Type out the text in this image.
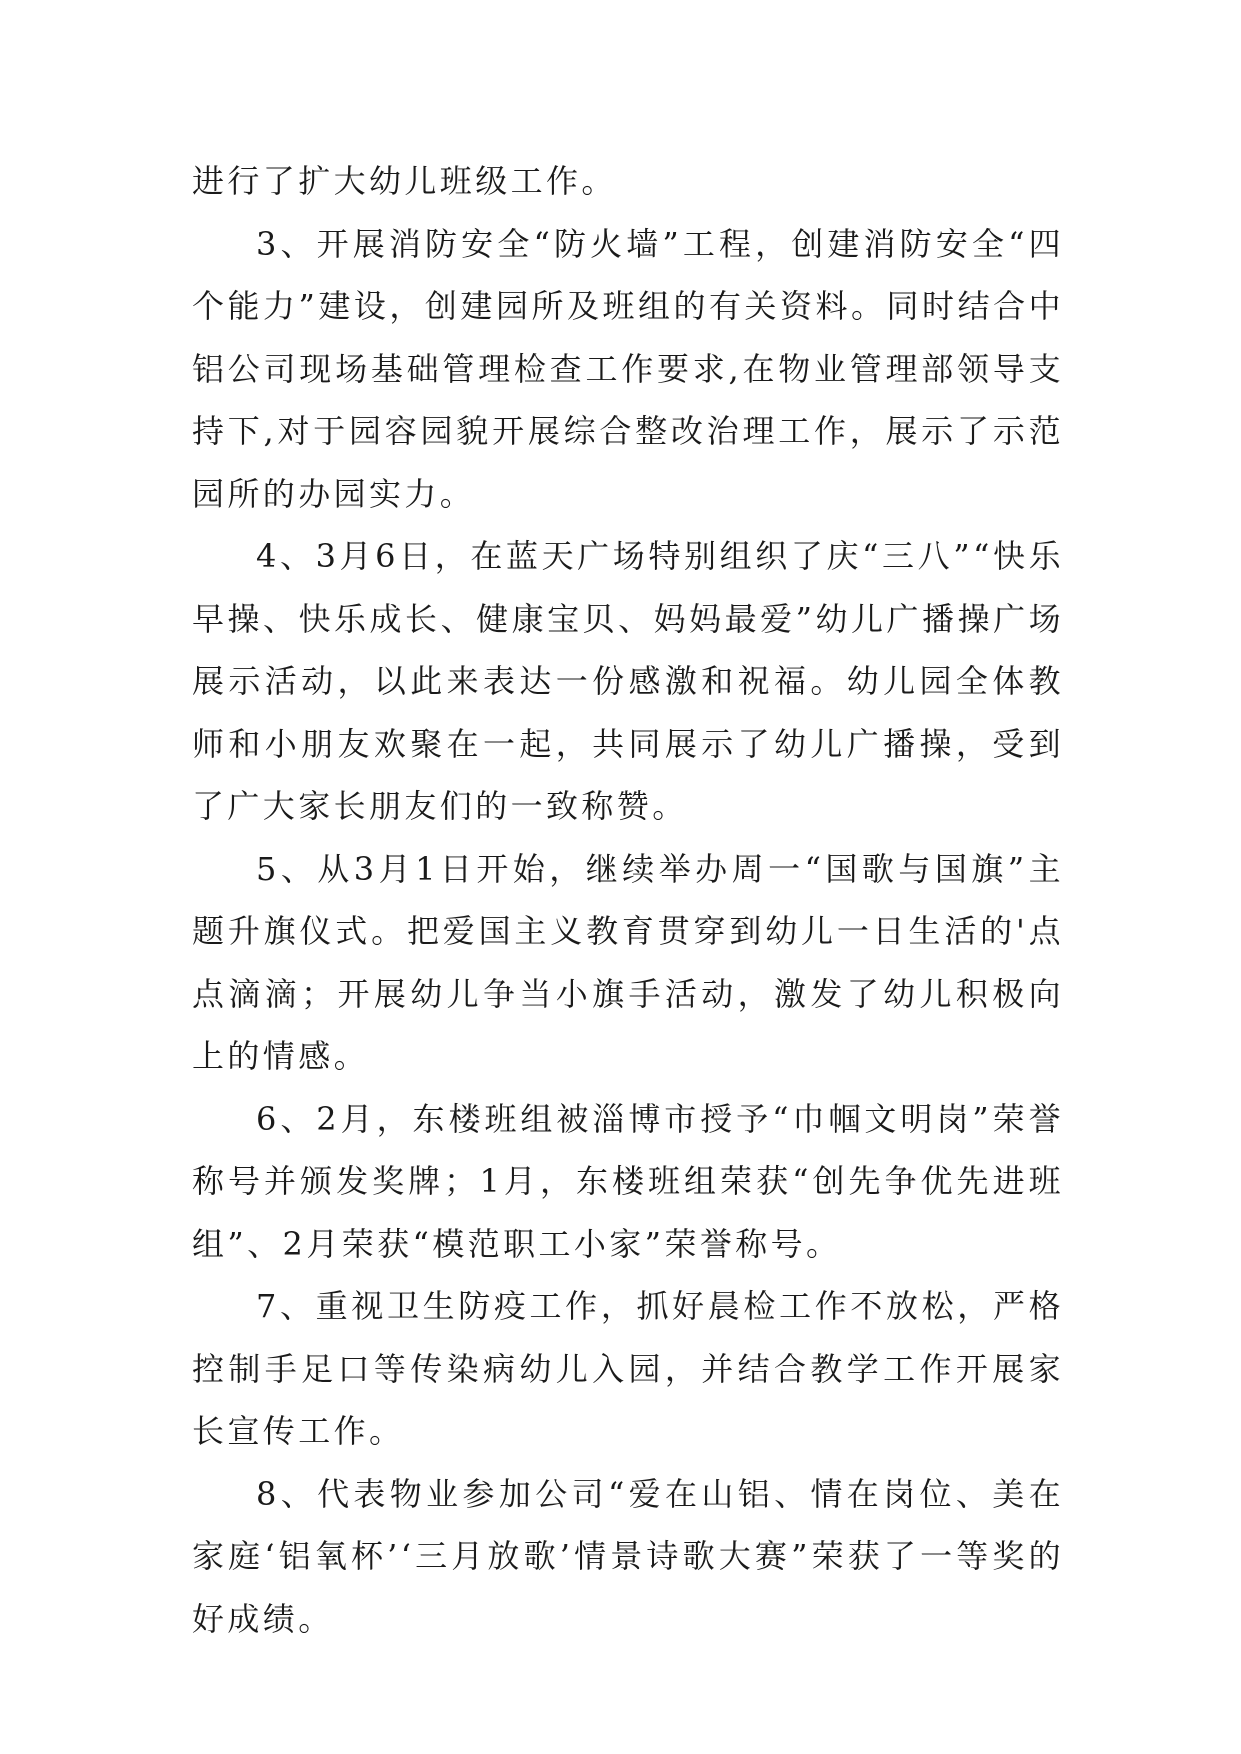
进行了扩大幼儿班级工作。

3、开展消防安全“防火墙”工程，创建消防安全“四个能力”建设，创建园所及班组的有关资料。同时结合中铝公司现场基础管理检查工作要求,在物业管理部领导支持下,对于园容园貌开展综合整改治理工作，展示了示范园所的办园实力。

4、3月6日，在蓝天广场特别组织了庆“三八”“快乐早操、快乐成长、健康宝贝、妈妈最爱”幼儿广播操广场展示活动，以此来表达一份感激和祝福。幼儿园全体教师和小朋友欢聚在一起，共同展示了幼儿广播操，受到了广大家长朋友们的一致称赞。

5、从3月1日开始，继续举办周一“国歌与国旗”主题升旗仪式。把爱国主义教育贯穿到幼儿一日生活的'点点滴滴；开展幼儿争当小旗手活动，激发了幼儿积极向上的情感。

6、2月，东楼班组被淄博市授予“巾帼文明岗”荣誉称号并颁发奖牌；1月，东楼班组荣获“创先争优先进班组”、2月荣获“模范职工小家”荣誉称号。

7、重视卫生防疫工作，抓好晨检工作不放松，严格控制手足口等传染病幼儿入园，并结合教学工作开展家长宣传工作。

8、代表物业参加公司“爱在山铝、情在岗位、美在家庭‘铝氧杯’‘三月放歌’情景诗歌大赛”荣获了一等奖的好成绩。
